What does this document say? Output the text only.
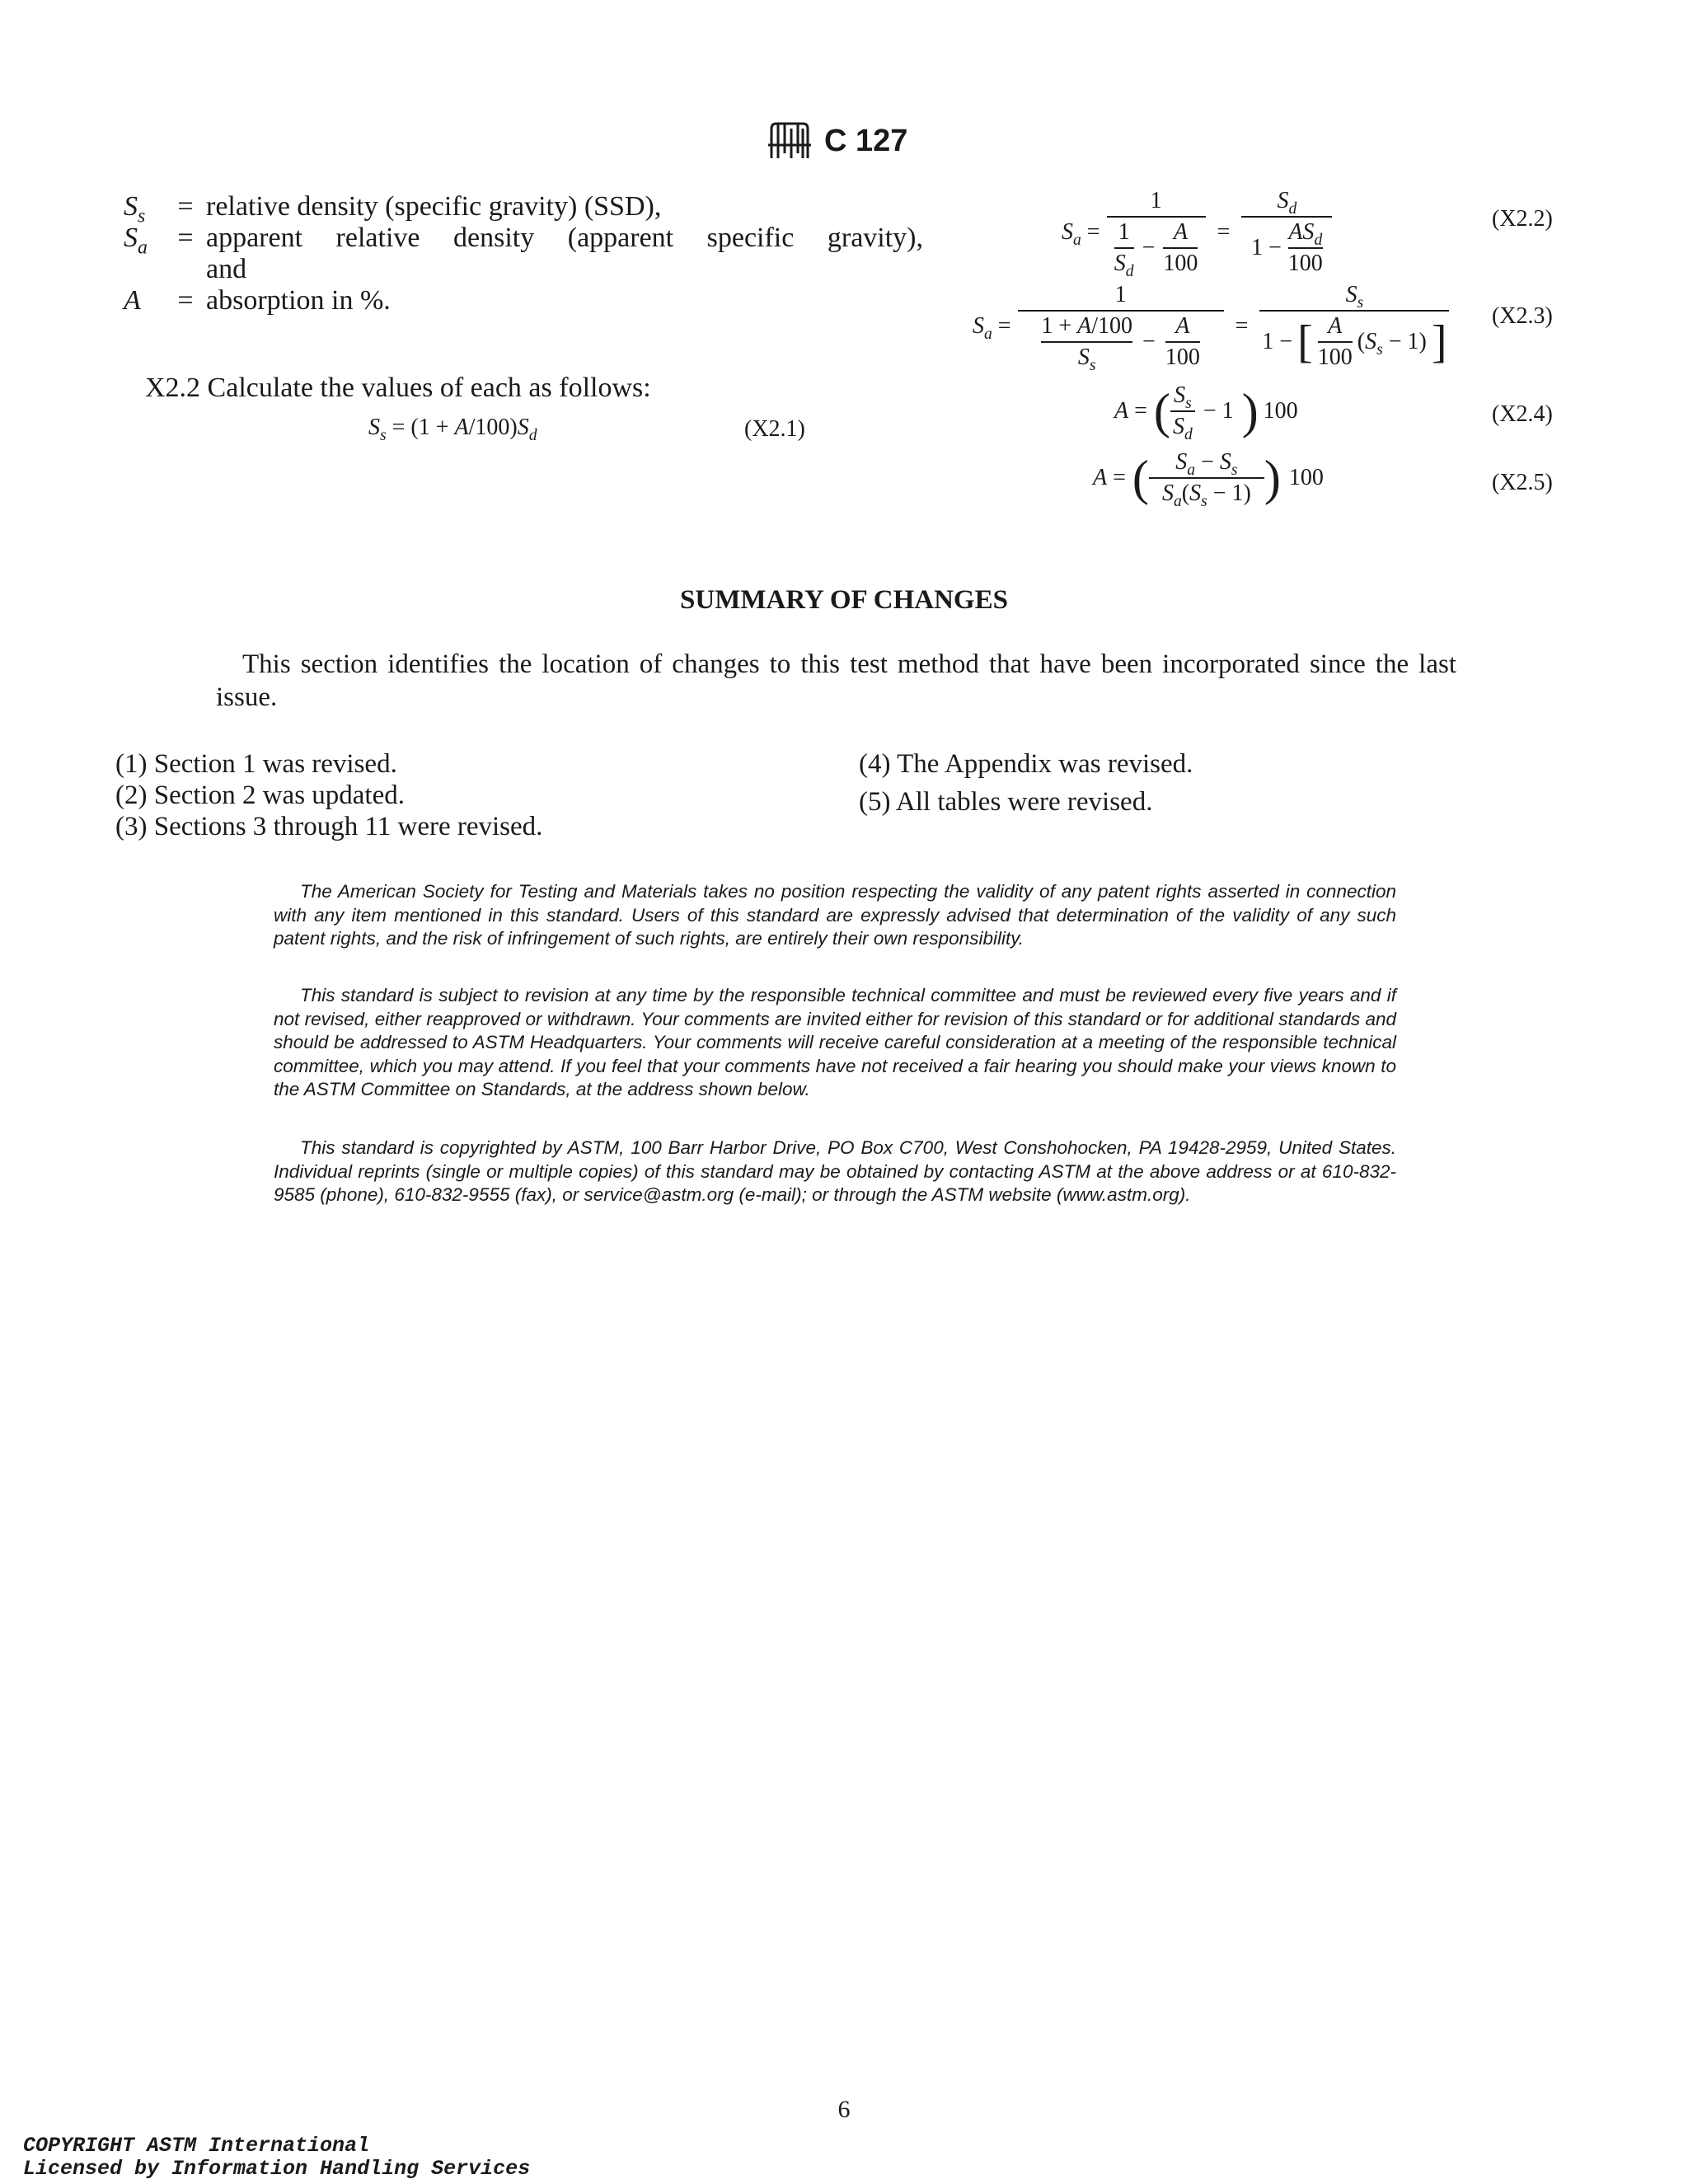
C 127
$S_s$	= relative density (specific gravity) (SSD),
$S_a$	= apparent relative density (apparent specific gravity),
and
A	= absorption in %.
X2.2 Calculate the values of each as follows:
$S_s = (1 + A/100)S_d$	(X2.1)
$S_a = \frac{1}{\frac{1}{S_d} - \frac{A}{100}} = \frac{S_d}{1 - \frac{AS_d}{100}}$	(X2.2)
$S_a = \frac{1}{\frac{1 + A/100}{S_s} - \frac{A}{100}} = \frac{S_s}{1 - [ \frac{A}{100} (S_s - 1) ]} (X2.3)$
A = ( $\frac{S_s}{S_d} - 1$ ) 100	(X2.4)
A = ( $\frac{S_a - S_s}{S_a(S_s - 1)}$ ) 100	(X2.5)
SUMMARY OF CHANGES
This section identifies the location of changes to this test method that have been incorporated since the last issue.
(1) Section 1 was revised.
(2) Section 2 was updated.
(3) Sections 3 through 11 were revised.
(4) The Appendix was revised.
(5) All tables were revised.
The American Society for Testing and Materials takes no position respecting the validity of any patent rights asserted in connection with any item mentioned in this standard. Users of this standard are expressly advised that determination of the validity of any such patent rights, and the risk of infringement of such rights, are entirely their own responsibility.
This standard is subject to revision at any time by the responsible technical committee and must be reviewed every five years and if not revised, either reapproved or withdrawn. Your comments are invited either for revision of this standard or for additional standards and should be addressed to ASTM Headquarters. Your comments will receive careful consideration at a meeting of the responsible technical committee, which you may attend. If you feel that your comments have not received a fair hearing you should make your views known to the ASTM Committee on Standards, at the address shown below.
This standard is copyrighted by ASTM, 100 Barr Harbor Drive, PO Box C700, West Conshohocken, PA 19428-2959, United States. Individual reprints (single or multiple copies) of this standard may be obtained by contacting ASTM at the above address or at 610-832-9585 (phone), 610-832-9555 (fax), or service@astm.org (e-mail); or through the ASTM website (www.astm.org).
6
COPYRIGHT ASTM International
Licensed by Information Handling Services
